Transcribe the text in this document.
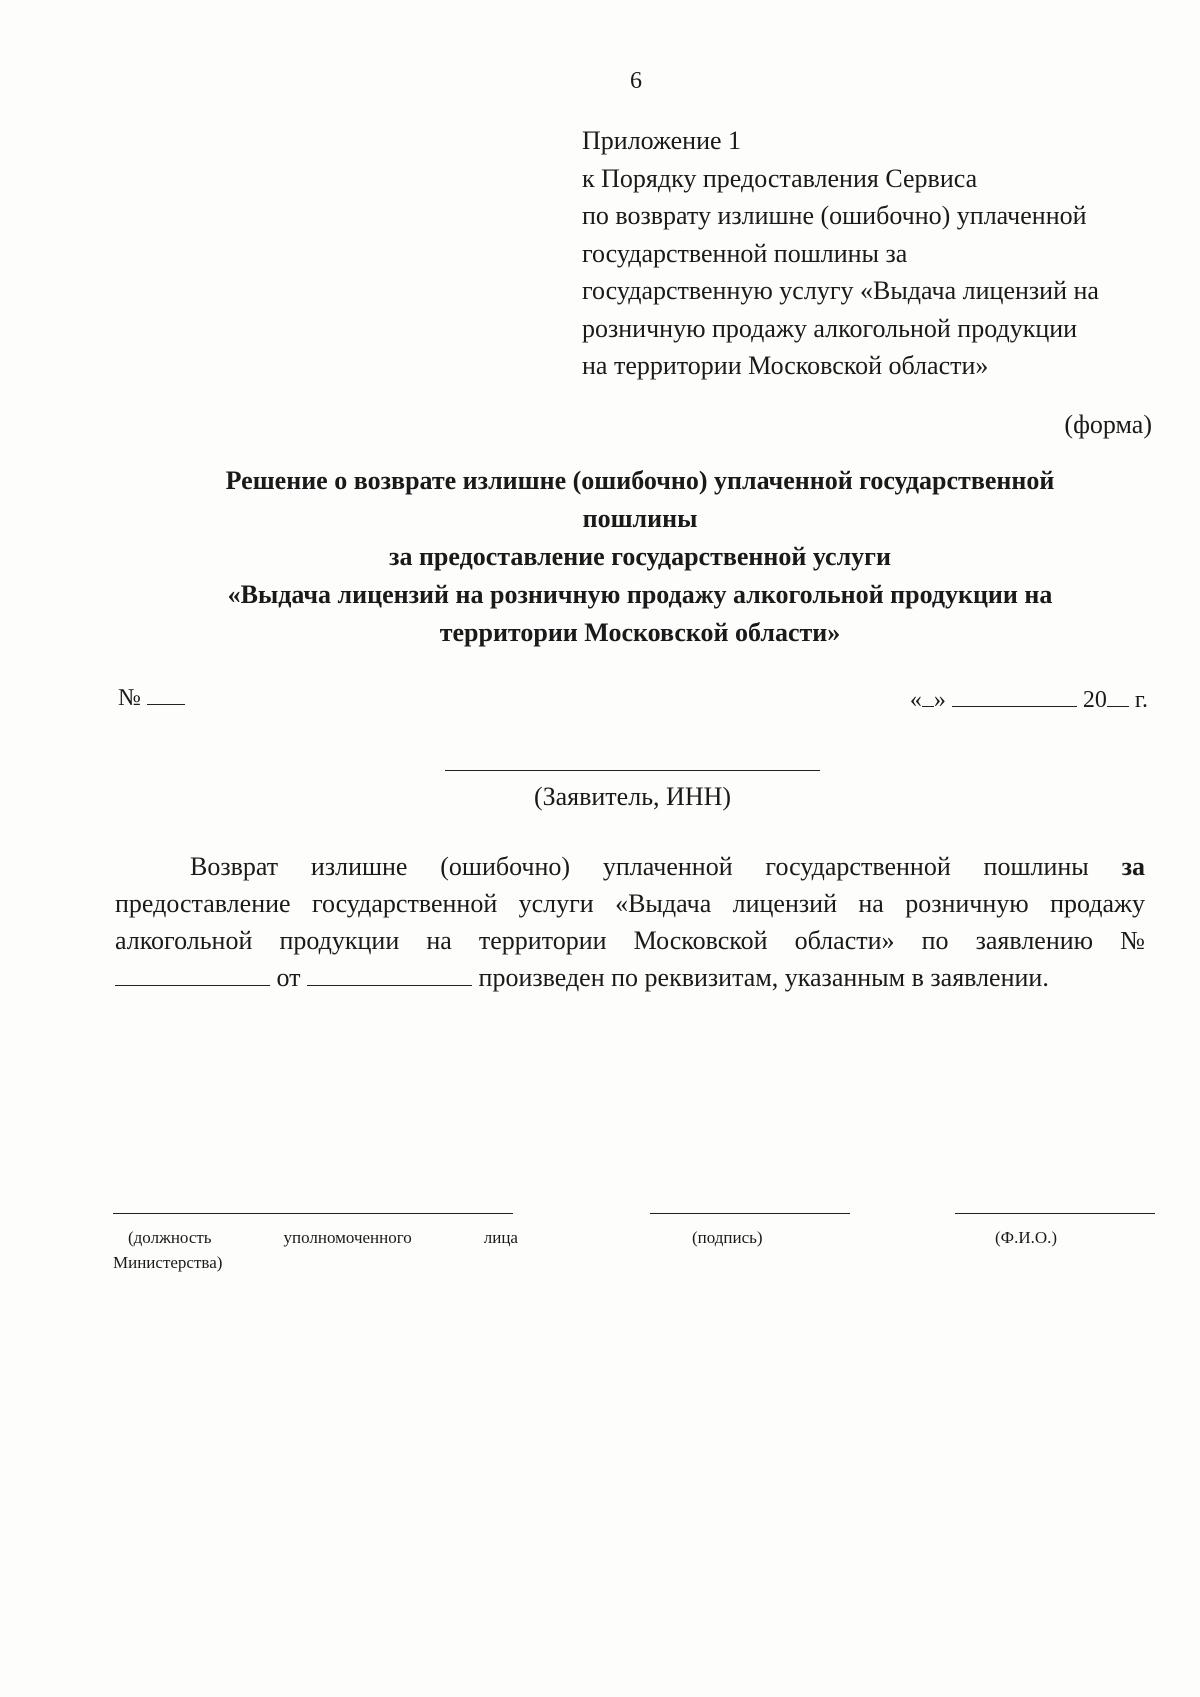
6
Приложение 1
к Порядку предоставления Сервиса
по возврату излишне (ошибочно) уплаченной
государственной пошлины за
государственную услугу «Выдача лицензий на
розничную продажу алкогольной продукции
на территории Московской области»
(форма)
Решение о возврате излишне (ошибочно) уплаченной государственной
пошлины
за предоставление государственной услуги
«Выдача лицензий на розничную продажу алкогольной продукции на
территории Московской области»
№	« »	20 г.
(Заявитель, ИНН)
Возврат излишне (ошибочно) уплаченной государственной пошлины за
предоставление государственной услуги «Выдача лицензий на розничную продажу
алкогольной продукции на территории Московской области» по заявлению №
от	произведен по реквизитам, указанным в заявлении.
(должность	уполномоченного	лица
Министерства)
(подпись)	(Ф.И.О.)
